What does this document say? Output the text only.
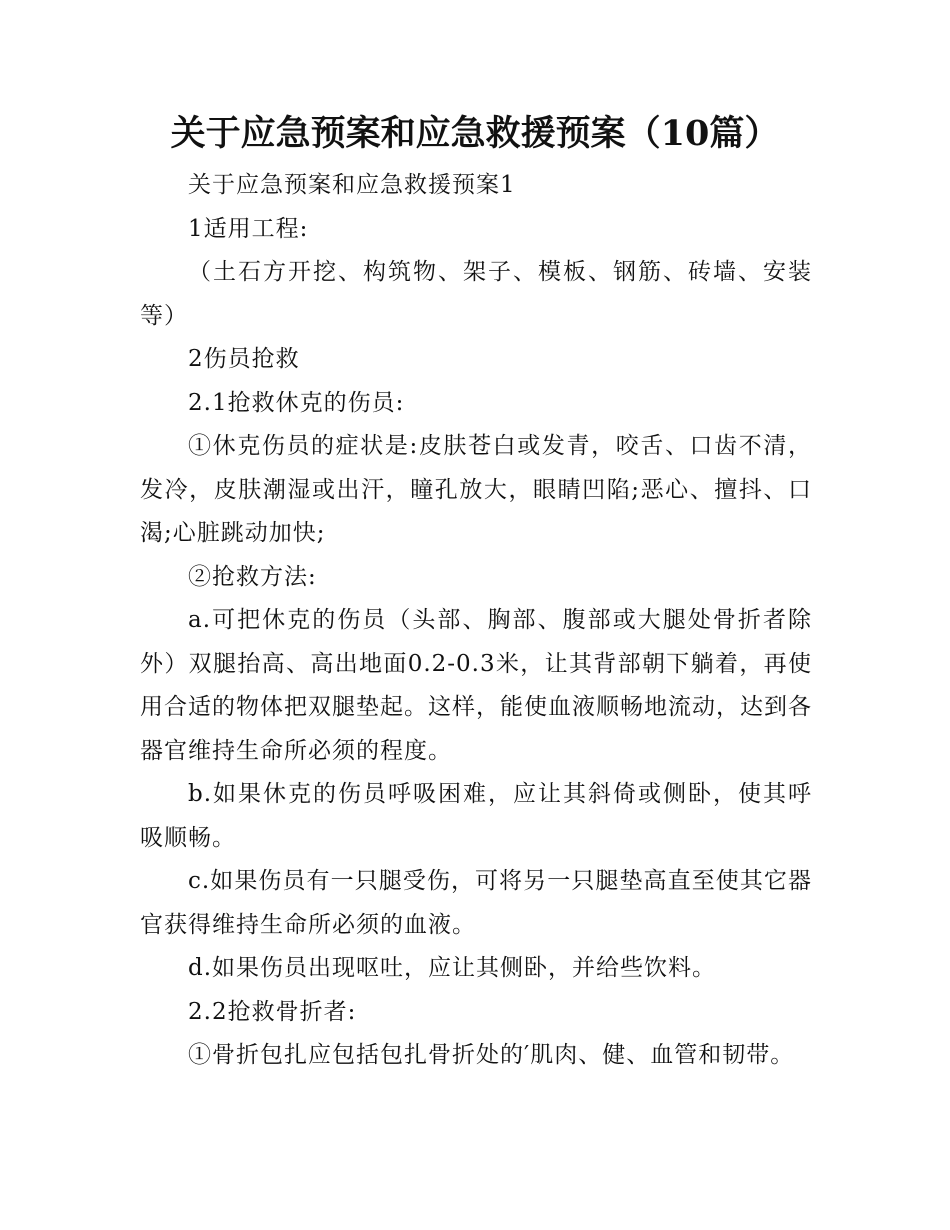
关于应急预案和应急救援预案（10篇）

关于应急预案和应急救援预案1

1适用工程:

（土石方开挖、构筑物、架子、模板、钢筋、砖墙、安装等）

2伤员抢救

2.1抢救休克的伤员:

①休克伤员的症状是:皮肤苍白或发青，咬舌、口齿不清，发冷，皮肤潮湿或出汗，瞳孔放大，眼睛凹陷;恶心、擅抖、口渴;心脏跳动加快;

②抢救方法:

a.可把休克的伤员（头部、胸部、腹部或大腿处骨折者除外）双腿抬高、高出地面0.2-0.3米，让其背部朝下躺着，再使用合适的物体把双腿垫起。这样，能使血液顺畅地流动，达到各器官维持生命所必须的程度。

b.如果休克的伤员呼吸困难，应让其斜倚或侧卧，使其呼吸顺畅。

c.如果伤员有一只腿受伤，可将另一只腿垫高直至使其它器官获得维持生命所必须的血液。

d.如果伤员出现呕吐，应让其侧卧，并给些饮料。

2.2抢救骨折者:

①骨折包扎应包括包扎骨折处的′肌肉、健、血管和韧带。
